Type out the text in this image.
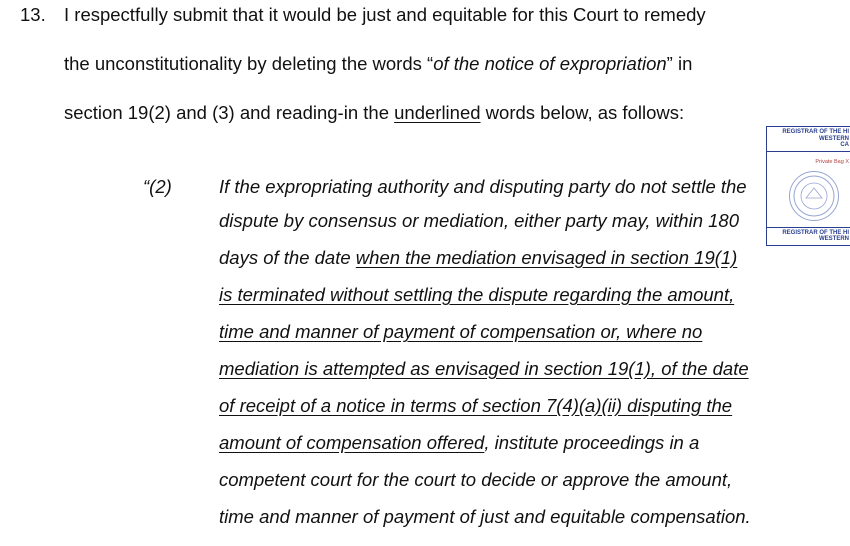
13. I respectfully submit that it would be just and equitable for this Court to remedy
the unconstitutionality by deleting the words “of the notice of expropriation” in
section 19(2) and (3) and reading-in the underlined words below, as follows:
“(2)	If the expropriating authority and disputing party do not settle the
dispute by consensus or mediation, either party may, within 180
days of the date when the mediation envisaged in section 19(1)
is terminated without settling the dispute regarding the amount,
time and manner of payment of compensation or, where no
mediation is attempted as envisaged in section 19(1), of the date
of receipt of a notice in terms of section 7(4)(a)(ii) disputing the
amount of compensation offered, institute proceedings in a
competent court for the court to decide or approve the amount,
time and manner of payment of just and equitable compensation.
REGISTRAR OF THE HI
WESTERN
CA
Private Bag X
REGISTRAR OF THE HI
WESTERN
